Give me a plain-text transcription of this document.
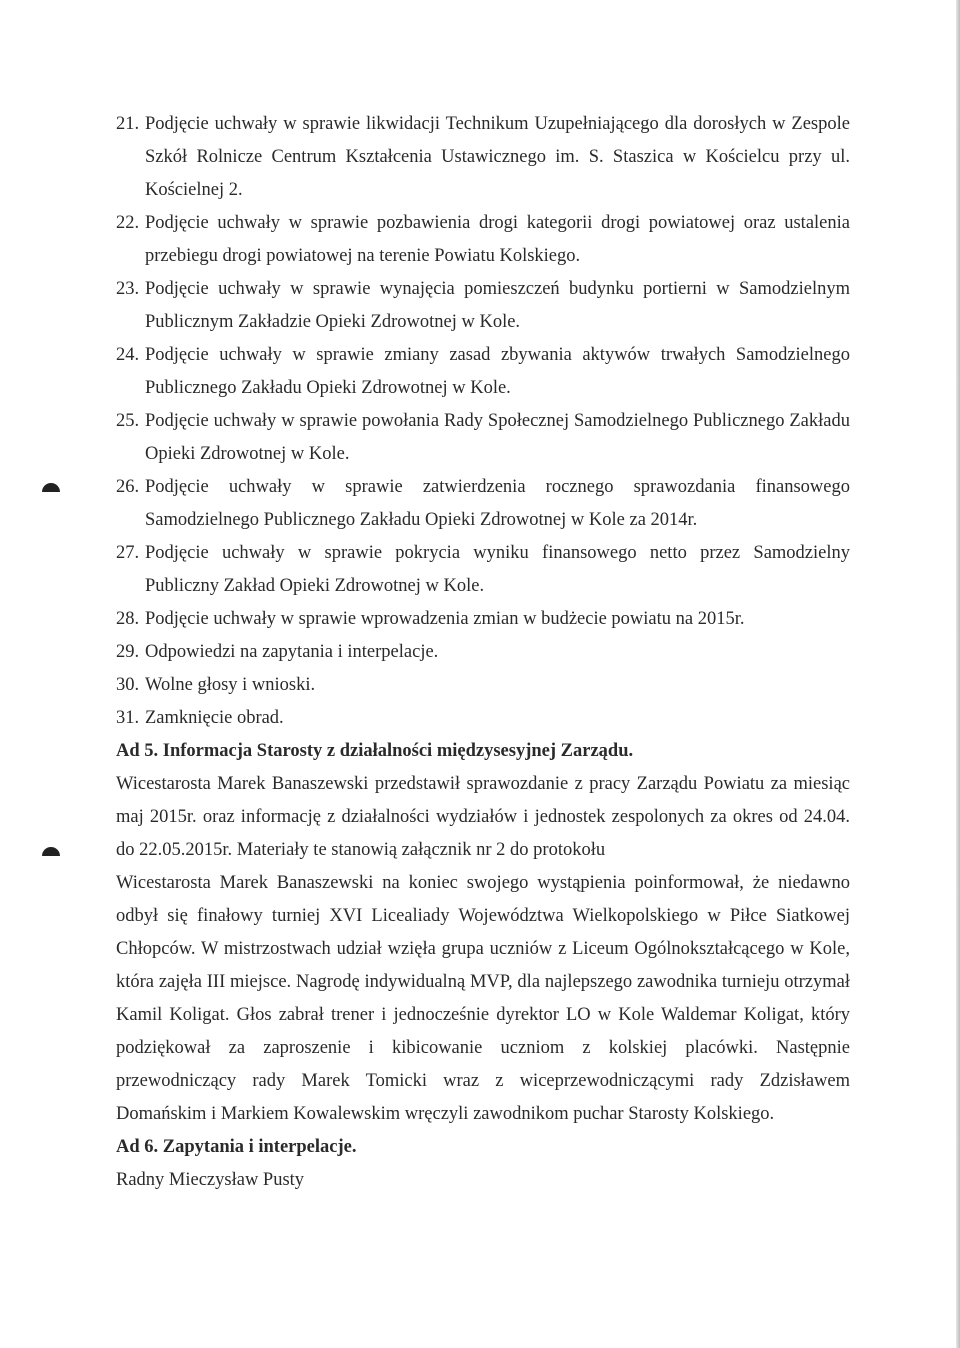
21. Podjęcie uchwały w sprawie likwidacji Technikum Uzupełniającego dla dorosłych w Zespole Szkół Rolnicze Centrum Kształcenia Ustawicznego im. S. Staszica w Kościelcu przy ul. Kościelnej 2.
22. Podjęcie uchwały w sprawie pozbawienia drogi kategorii drogi powiatowej oraz ustalenia przebiegu drogi powiatowej na terenie Powiatu Kolskiego.
23. Podjęcie uchwały w sprawie wynajęcia pomieszczeń budynku portierni w Samodzielnym Publicznym Zakładzie Opieki Zdrowotnej w Kole.
24. Podjęcie uchwały w sprawie zmiany zasad zbywania aktywów trwałych Samodzielnego Publicznego Zakładu Opieki Zdrowotnej w Kole.
25. Podjęcie uchwały w sprawie powołania Rady Społecznej Samodzielnego Publicznego Zakładu Opieki Zdrowotnej w Kole.
26. Podjęcie uchwały w sprawie zatwierdzenia rocznego sprawozdania finansowego Samodzielnego Publicznego Zakładu Opieki Zdrowotnej w Kole za 2014r.
27. Podjęcie uchwały w sprawie pokrycia wyniku finansowego netto przez Samodzielny Publiczny Zakład Opieki Zdrowotnej w Kole.
28. Podjęcie uchwały w sprawie wprowadzenia zmian w budżecie powiatu na 2015r.
29. Odpowiedzi na zapytania i interpelacje.
30. Wolne głosy i wnioski.
31. Zamknięcie obrad.

Ad 5. Informacja Starosty z działalności międzysesyjnej Zarządu.

Wicestarosta Marek Banaszewski przedstawił sprawozdanie z pracy Zarządu Powiatu za miesiąc maj 2015r. oraz informację z działalności wydziałów i jednostek zespolonych za okres od 24.04. do 22.05.2015r. Materiały te stanowią załącznik nr 2 do protokołu

Wicestarosta Marek Banaszewski na koniec swojego wystąpienia poinformował, że niedawno odbył się finałowy turniej XVI Licealiady Województwa Wielkopolskiego w Piłce Siatkowej Chłopców. W mistrzostwach udział wzięła grupa uczniów z Liceum Ogólnokształcącego w Kole, która zajęła III miejsce. Nagrodę indywidualną MVP, dla najlepszego zawodnika turnieju otrzymał Kamil Koligat. Głos zabrał trener i jednocześnie dyrektor LO w Kole Waldemar Koligat, który podziękował za zaproszenie i kibicowanie uczniom z kolskiej placówki. Następnie przewodniczący rady Marek Tomicki wraz z wiceprzewodniczącymi rady Zdzisławem Domańskim i Markiem Kowalewskim wręczyli zawodnikom puchar Starosty Kolskiego.

Ad 6. Zapytania i interpelacje.

Radny Mieczysław Pusty
